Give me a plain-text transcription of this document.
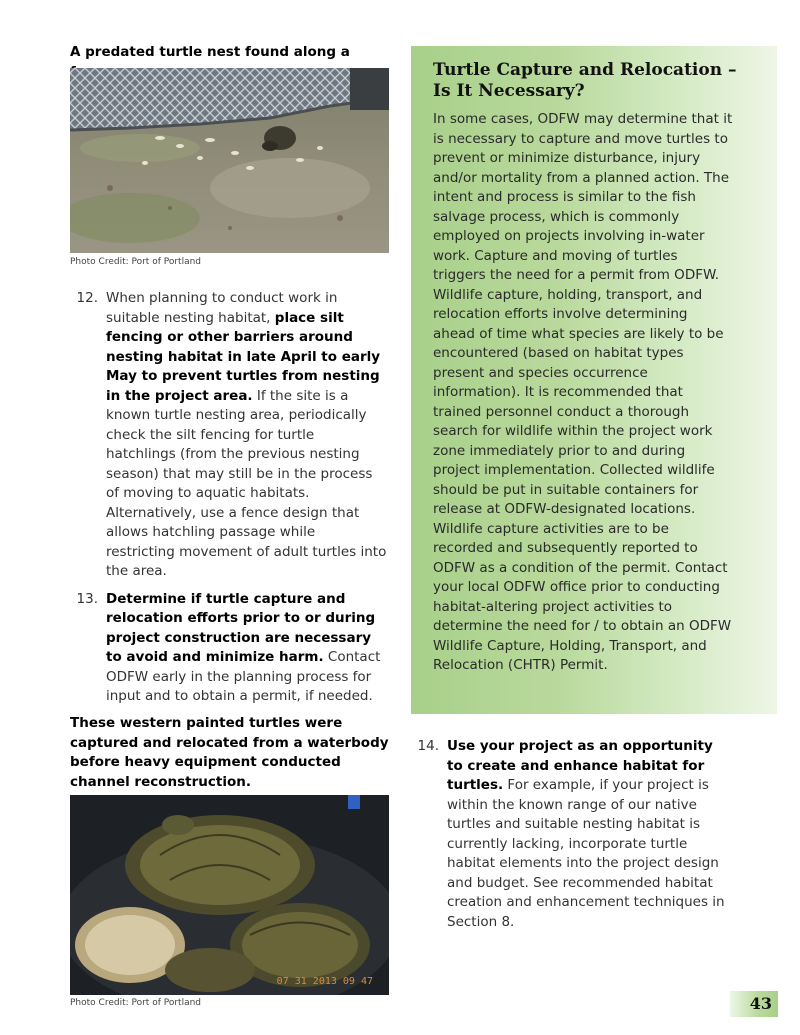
A predated turtle nest found along a
Photo Credit: Port of Portland
12. When planning to conduct work in suitable nesting habitat, place silt fencing or other barriers around nesting habitat in late April to early May to prevent turtles from nesting in the project area. If the site is a known turtle nesting area, periodically check the silt fencing for turtle hatchlings (from the previous nesting season) that may still be in the process of moving to aquatic habitats. Alternatively, use a fence design that allows hatchling passage while restricting movement of adult turtles into the area.
13. Determine if turtle capture and relocation efforts prior to or during project construction are necessary to avoid and minimize harm. Contact ODFW early in the planning process for input and to obtain a permit, if needed.
These western painted turtles were captured and relocated from a waterbody before heavy equipment conducted channel reconstruction.
07 31 2013 09 47
Photo Credit: Port of Portland
Turtle Capture and Relocation – Is It Necessary?

In some cases, ODFW may determine that it is necessary to capture and move turtles to prevent or minimize disturbance, injury and/or mortality from a planned action. The intent and process is similar to the fish salvage process, which is commonly employed on projects involving in-water work. Capture and moving of turtles triggers the need for a permit from ODFW. Wildlife capture, holding, transport, and relocation efforts involve determining ahead of time what species are likely to be encountered (based on habitat types present and species occurrence information). It is recommended that trained personnel conduct a thorough search for wildlife within the project work zone immediately prior to and during project implementation. Collected wildlife should be put in suitable containers for release at ODFW-designated locations. Wildlife capture activities are to be recorded and subsequently reported to ODFW as a condition of the permit. Contact your local ODFW office prior to conducting habitat-altering project activities to determine the need for / to obtain an ODFW Wildlife Capture, Holding, Transport, and Relocation (CHTR) Permit.

14. Use your project as an opportunity to create and enhance habitat for turtles. For example, if your project is within the known range of our native turtles and suitable nesting habitat is currently lacking, incorporate turtle habitat elements into the project design and budget. See recommended habitat creation and enhancement techniques in Section 8.
43
